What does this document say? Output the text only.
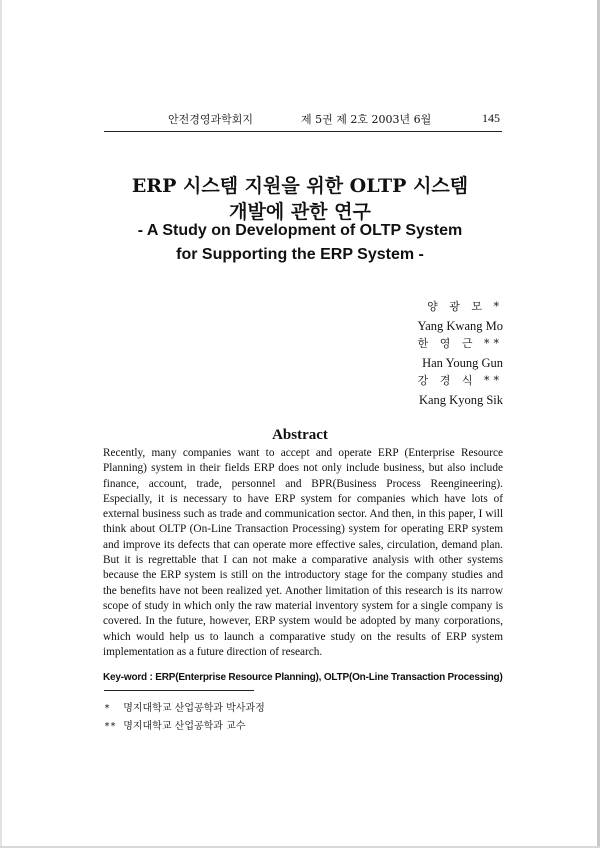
안전경영과학회지	제 5권 제 2호 2003년 6월	145
ERP 시스템 지원을 위한 OLTP 시스템
개발에 관한 연구
- A Study on Development of OLTP System
for Supporting the ERP System -
양 광 모 *
Yang Kwang Mo
한 영 근 **
Han Young Gun
강 경 식 **
Kang Kyong Sik
Abstract
Recently, many companies want to accept and operate ERP (Enterprise Resource Planning) system in their fields ERP does not only include business, but also include finance, account, trade, personnel and BPR(Business Process Reengineering). Especially, it is necessary to have ERP system for companies which have lots of external business such as trade and communication sector. And then, in this paper, I will think about OLTP (On-Line Transaction Processing) system for operating ERP system and improve its defects that can operate more effective sales, circulation, demand plan. But it is regrettable that I can not make a comparative analysis with other systems because the ERP system is still on the introductory stage for the company studies and the benefits have not been realized yet. Another limitation of this research is its narrow scope of study in which only the raw material inventory system for a single company is covered. In the future, however, ERP system would be adopted by many corporations, which would help us to launch a comparative study on the results of ERP system implementation as a future direction of research.
Key-word : ERP(Enterprise Resource Planning), OLTP(On-Line Transaction Processing)
* 명지대학교 산업공학과 박사과정
** 명지대학교 산업공학과 교수
